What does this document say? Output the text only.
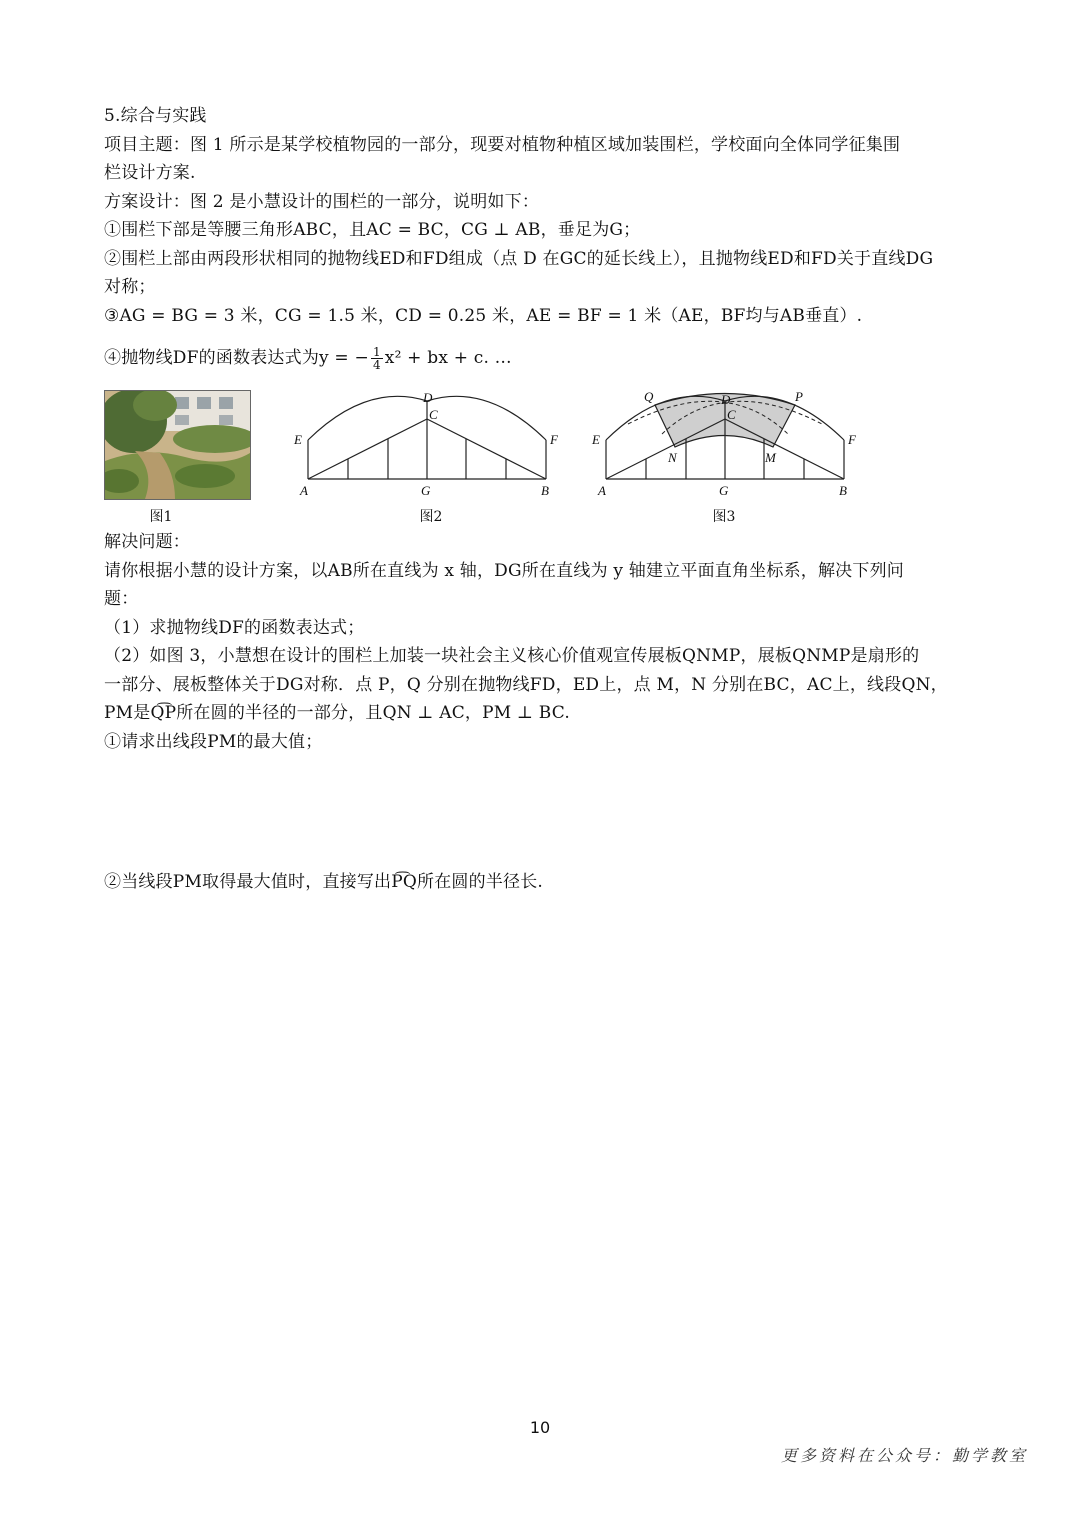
5.综合与实践
项目主题：图 1 所示是某学校植物园的一部分，现要对植物种植区域加装围栏，学校面向全体同学征集围
栏设计方案.
方案设计：图 2 是小慧设计的围栏的一部分，说明如下：
①围栏下部是等腰三角形ABC，且AC = BC，CG ⊥ AB，垂足为G；
②围栏上部由两段形状相同的抛物线ED和FD组成（点 D 在GC的延长线上），且抛物线ED和FD关于直线DG
对称；
③AG = BG = 3 米，CG = 1.5 米，CD = 0.25 米，AE = BF = 1 米（AE，BF均与AB垂直）.
④抛物线DF的函数表达式为y = − $\frac{1}{4} x^2$ + bx + c. …
图1
E	F
A	B
G
D
C
图2
E	F
A	B
G
D
C
Q	P
N	M
图3
解决问题：
请你根据小慧的设计方案，以AB所在直线为 x 轴，DG所在直线为 y 轴建立平面直角坐标系，解决下列问
题：
（1）求抛物线DF的函数表达式；
（2）如图 3，小慧想在设计的围栏上加装一块社会主义核心价值观宣传展板QNMP，展板QNMP是扇形的
一部分、展板整体关于DG对称．点 P，Q 分别在抛物线FD，ED上，点 M，N 分别在BC，AC上，线段QN，
PM是Q͡P所在圆的半径的一部分，且QN ⊥ AC，PM ⊥ BC.
①请求出线段PM的最大值；
②当线段PM取得最大值时，直接写出P͡Q所在圆的半径长.
10
更多资料在公众号：勤学教室
